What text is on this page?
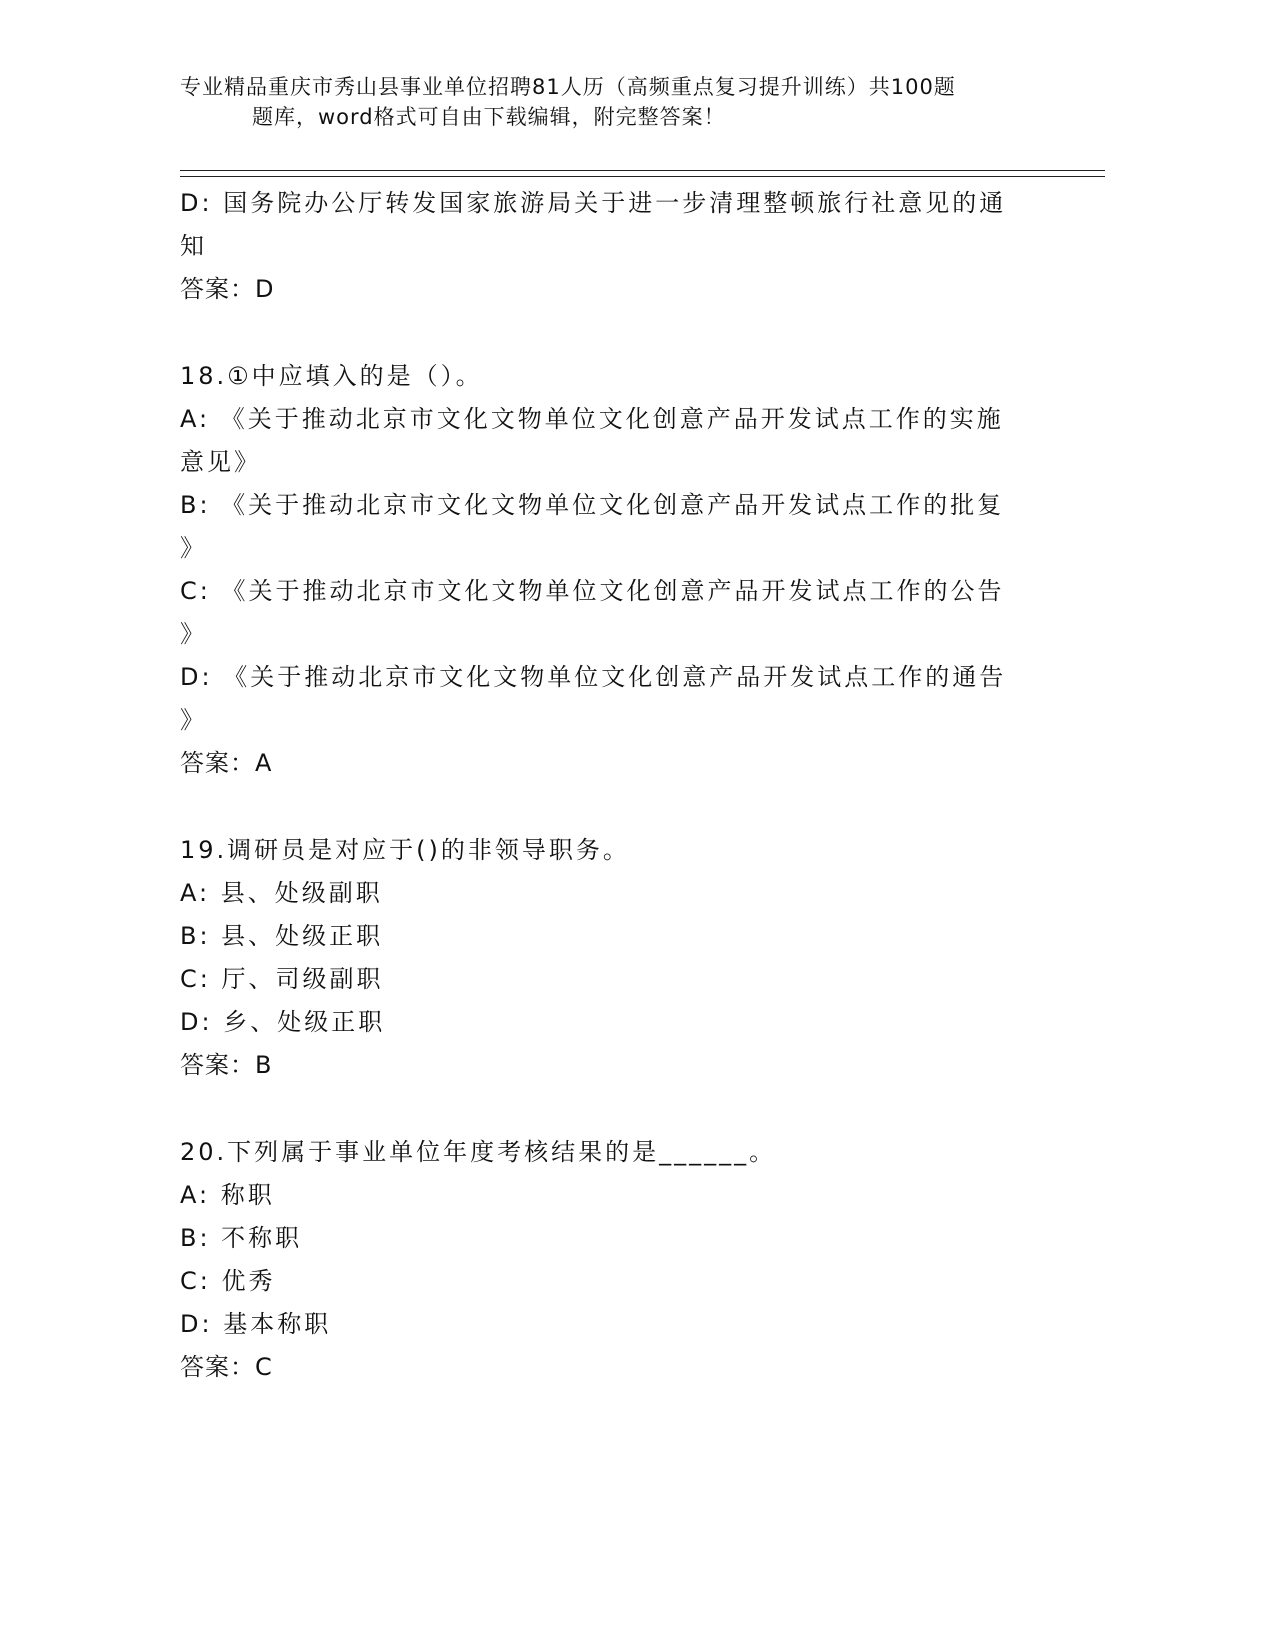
专业精品重庆市秀山县事业单位招聘81人历（高频重点复习提升训练）共100题
题库，word格式可自由下载编辑，附完整答案！
D: 国务院办公厅转发国家旅游局关于进一步清理整顿旅行社意见的通
知
答案：D
18.①中应填入的是（）。
A: 《关于推动北京市文化文物单位文化创意产品开发试点工作的实施
意见》
B: 《关于推动北京市文化文物单位文化创意产品开发试点工作的批复
》
C: 《关于推动北京市文化文物单位文化创意产品开发试点工作的公告
》
D: 《关于推动北京市文化文物单位文化创意产品开发试点工作的通告
》
答案：A
19.调研员是对应于()的非领导职务。
A: 县、处级副职
B: 县、处级正职
C: 厅、司级副职
D: 乡、处级正职
答案：B
20.下列属于事业单位年度考核结果的是______。
A: 称职
B: 不称职
C: 优秀
D: 基本称职
答案：C
